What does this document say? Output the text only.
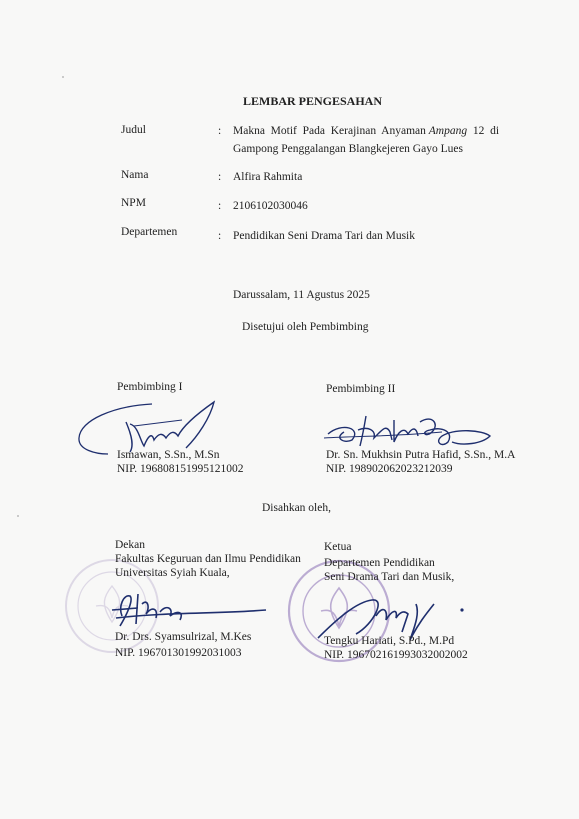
LEMBAR PENGESAHAN
Judul	: Makna  Motif  Pada  Kerajinan  Anyaman Ampang  12  di
Gampong Penggalangan Blangkejeren Gayo Lues
Nama	: Alfira Rahmita
NPM	: 2106102030046
Departemen	: Pendidikan Seni Drama Tari dan Musik
Darussalam, 11 Agustus 2025
Disetujui oleh Pembimbing
Pembimbing I
Ismawan, S.Sn., M.Sn
NIP. 196808151995121002
Pembimbing II
Dr. Sn. Mukhsin Putra Hafid, S.Sn., M.A
NIP. 198902062023212039
Disahkan oleh,
Dekan
Fakultas Keguruan dan Ilmu Pendidikan
Universitas Syiah Kuala,
Dr. Drs. Syamsulrizal, M.Kes
NIP. 196701301992031003
Ketua
Departemen Pendidikan
Seni Drama Tari dan Musik,
Tengku Hariati, S.Pd., M.Pd
NIP. 196702161993032002002
